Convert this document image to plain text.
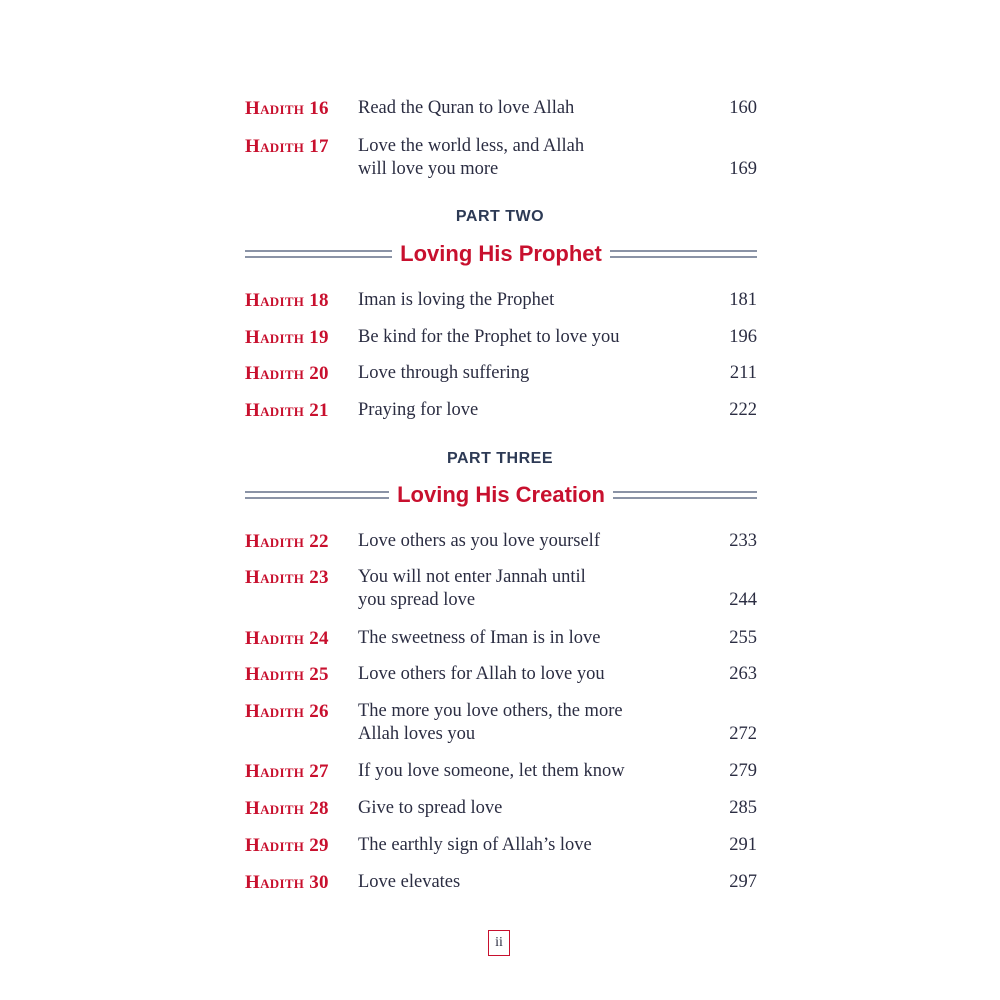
Hadith 16	Read the Quran to love Allah	160
Hadith 17	Love the world less, and Allah
will love you more	169
PART TWO
Loving His Prophet
Hadith 18	Iman is loving the Prophet	181
Hadith 19	Be kind for the Prophet to love you	196
Hadith 20	Love through suffering	211
Hadith 21	Praying for love	222
PART THREE
Loving His Creation
Hadith 22	Love others as you love yourself	233
Hadith 23	You will not enter Jannah until
you spread love	244
Hadith 24	The sweetness of Iman is in love	255
Hadith 25	Love others for Allah to love you	263
Hadith 26	The more you love others, the more
Allah loves you	272
Hadith 27	If you love someone, let them know	279
Hadith 28	Give to spread love	285
Hadith 29	The earthly sign of Allah’s love	291
Hadith 30	Love elevates	297
ii
